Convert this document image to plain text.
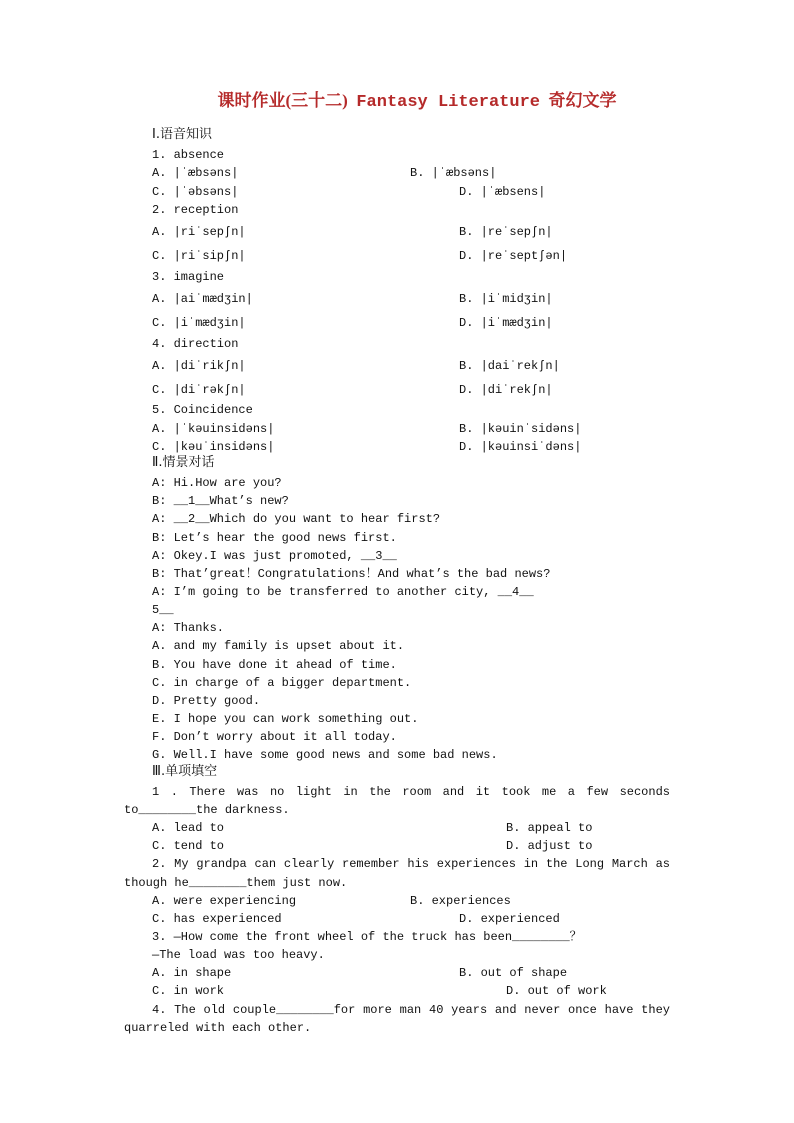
课时作业(三十二) Fantasy Literature 奇幻文学
Ⅰ.语音知识
1. absence
A. |ˈæbsəns|	B. |ˈæbsəns|
C. |ˈəbsəns|	D. |ˈæbsens|
2. reception
A. |riˈsepʃn|	B. |reˈsepʃn|
C. |riˈsipʃn|	D. |reˈseptʃən|
3. imagine
A. |aiˈmædʒin|	B. |iˈmidʒin|
C. |iˈmædʒin|	D. |iˈmædʒin|
4. direction
A. |diˈrikʃn|	B. |daiˈrekʃn|
C. |diˈrəkʃn|	D. |diˈrekʃn|
5. Coincidence
A. |ˈkəuinsidəns|	B. |kəuinˈsidəns|
C. |kəuˈinsidəns|	D. |kəuinsiˈdəns|
Ⅱ.情景对话
A: Hi.How are you?
B: __1__What’s new?
A: __2__Which do you want to hear first?
B: Let’s hear the good news first.
A: Okey.I was just promoted, __3__
B: That’great！Congratulations！And what’s the bad news?
A: I’m going to be transferred to another city, __4__
5__
A: Thanks.
A. and my family is upset about it.
B. You have done it ahead of time.
C. in charge of a bigger department.
D. Pretty good.
E. I hope you can work something out.
F. Don’t worry about it all today.
G. Well.I have some good news and some bad news.
Ⅲ.单项填空
1 . There was no light in the room and it took me a few seconds
to________the darkness.
A. lead to	B. appeal to
C. tend to	D. adjust to
2. My grandpa can clearly remember his experiences in the Long March as
though he________them just now.
A. were experiencing	B. experiences
C. has experienced	D. experienced
3. —How come the front wheel of the truck has been________？
—The load was too heavy.
A. in shape	B. out of shape
C. in work	D. out of work
4. The old couple________for more man 40 years and never once have they
quarreled with each other.
